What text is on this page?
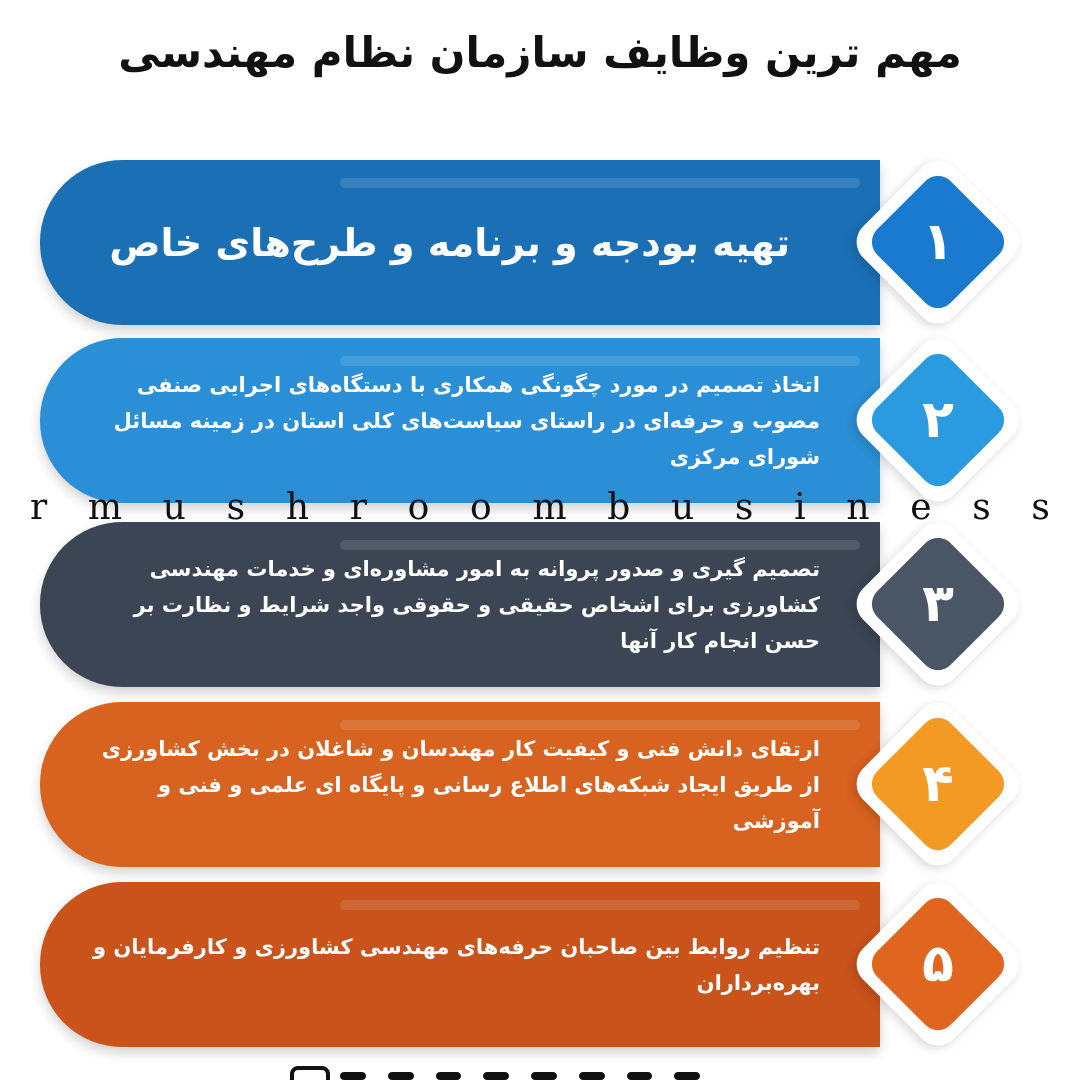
مهم ترین وظایف سازمان نظام مهندسی
تهیه بودجه و برنامه و طرح‌های خاص	۱
اتخاذ تصمیم در مورد چگونگی همکاری با دستگاه‌های اجرایی صنفی مصوب و حرفه‌ای در راستای سیاست‌های کلی استان در زمینه مسائل شورای مرکزی
۲
تصمیم گیری و صدور پروانه به امور مشاوره‌ای و خدمات مهندسی کشاورزی برای اشخاص حقیقی و حقوقی واجد شرایط و نظارت بر حسن انجام کار آنها
۳
ارتقای دانش فنی و کیفیت کار مهندسان و شاغلان در بخش کشاورزی از طریق ایجاد شبکه‌های اطلاع رسانی و پایگاه ای علمی و فنی و آموزشی
۴
تنظیم روابط بین صاحبان حرفه‌های مهندسی کشاورزی و کارفرمایان و بهره‌برداران	۵
r m u s h r o o m b u s i n e s s
